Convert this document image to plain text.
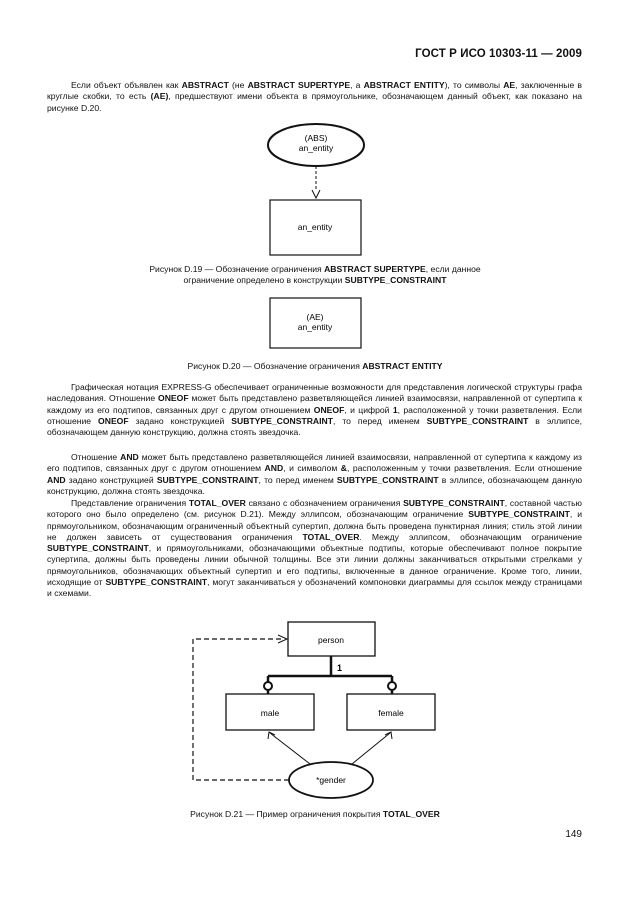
ГОСТ Р ИСО 10303-11 — 2009
Если объект объявлен как ABSTRACT (не ABSTRACT SUPERTYPE, а ABSTRACT ENTITY), то символы AE, заключенные в круглые скобки, то есть (AE), предшествуют имени объекта в прямоугольнике, обозначающем данный объект, как показано на рисунке D.20.
(ABS)
an_entity
an_entity
Рисунок D.19 — Обозначение ограничения ABSTRACT SUPERTYPE, если данное ограничение определено в конструкции SUBTYPE_CONSTRAINT
(AE)
an_entity
Рисунок D.20 — Обозначение ограничения ABSTRACT ENTITY
Графическая нотация EXPRESS-G обеспечивает ограниченные возможности для представления логической структуры графа наследования. Отношение ONEOF может быть представлено разветвляющейся линией взаимосвязи, направленной от супертипа к каждому из его подтипов, связанных друг с другом отношением ONEOF, и цифрой 1, расположенной у точки разветвления. Если отношение ONEOF задано конструкцией SUBTYPE_CONSTRAINT, то перед именем SUBTYPE_CONSTRAINT в эллипсе, обозначающем данную конструкцию, должна стоять звездочка.
Отношение AND может быть представлено разветвляющейся линией взаимосвязи, направленной от супертипа к каждому из его подтипов, связанных друг с другом отношением AND, и символом &, расположенным у точки разветвления. Если отношение AND задано конструкцией SUBTYPE_CONSTRAINT, то перед именем SUBTYPE_CONSTRAINT в эллипсе, обозначающем данную конструкцию, должна стоять звездочка.
Представление ограничения TOTAL_OVER связано с обозначением ограничения SUBTYPE_CONSTRAINT, составной частью которого оно было определено (см. рисунок D.21). Между эллипсом, обозначающим ограничение SUBTYPE_CONSTRAINT, и прямоугольником, обозначающим ограниченный объектный супертип, должна быть проведена пунктирная линия; стиль этой линии не должен зависеть от существования ограничения TOTAL_OVER. Между эллипсом, обозначающим ограничение SUBTYPE_CONSTRAINT, и прямоугольниками, обозначающими объектные подтипы, которые обеспечивают полное покрытие супертипа, должны быть проведены линии обычной толщины. Все эти линии должны заканчиваться открытыми стрелками у прямоугольников, обозначающих объектный супертип и его подтипы, включенные в данное ограничение. Кроме того, линии, исходящие от SUBTYPE_CONSTRAINT, могут заканчиваться у обозначений компоновки диаграммы для ссылок между страницами и схемами.
person
1
male	female
*gender
Рисунок D.21 — Пример ограничения покрытия TOTAL_OVER
149
